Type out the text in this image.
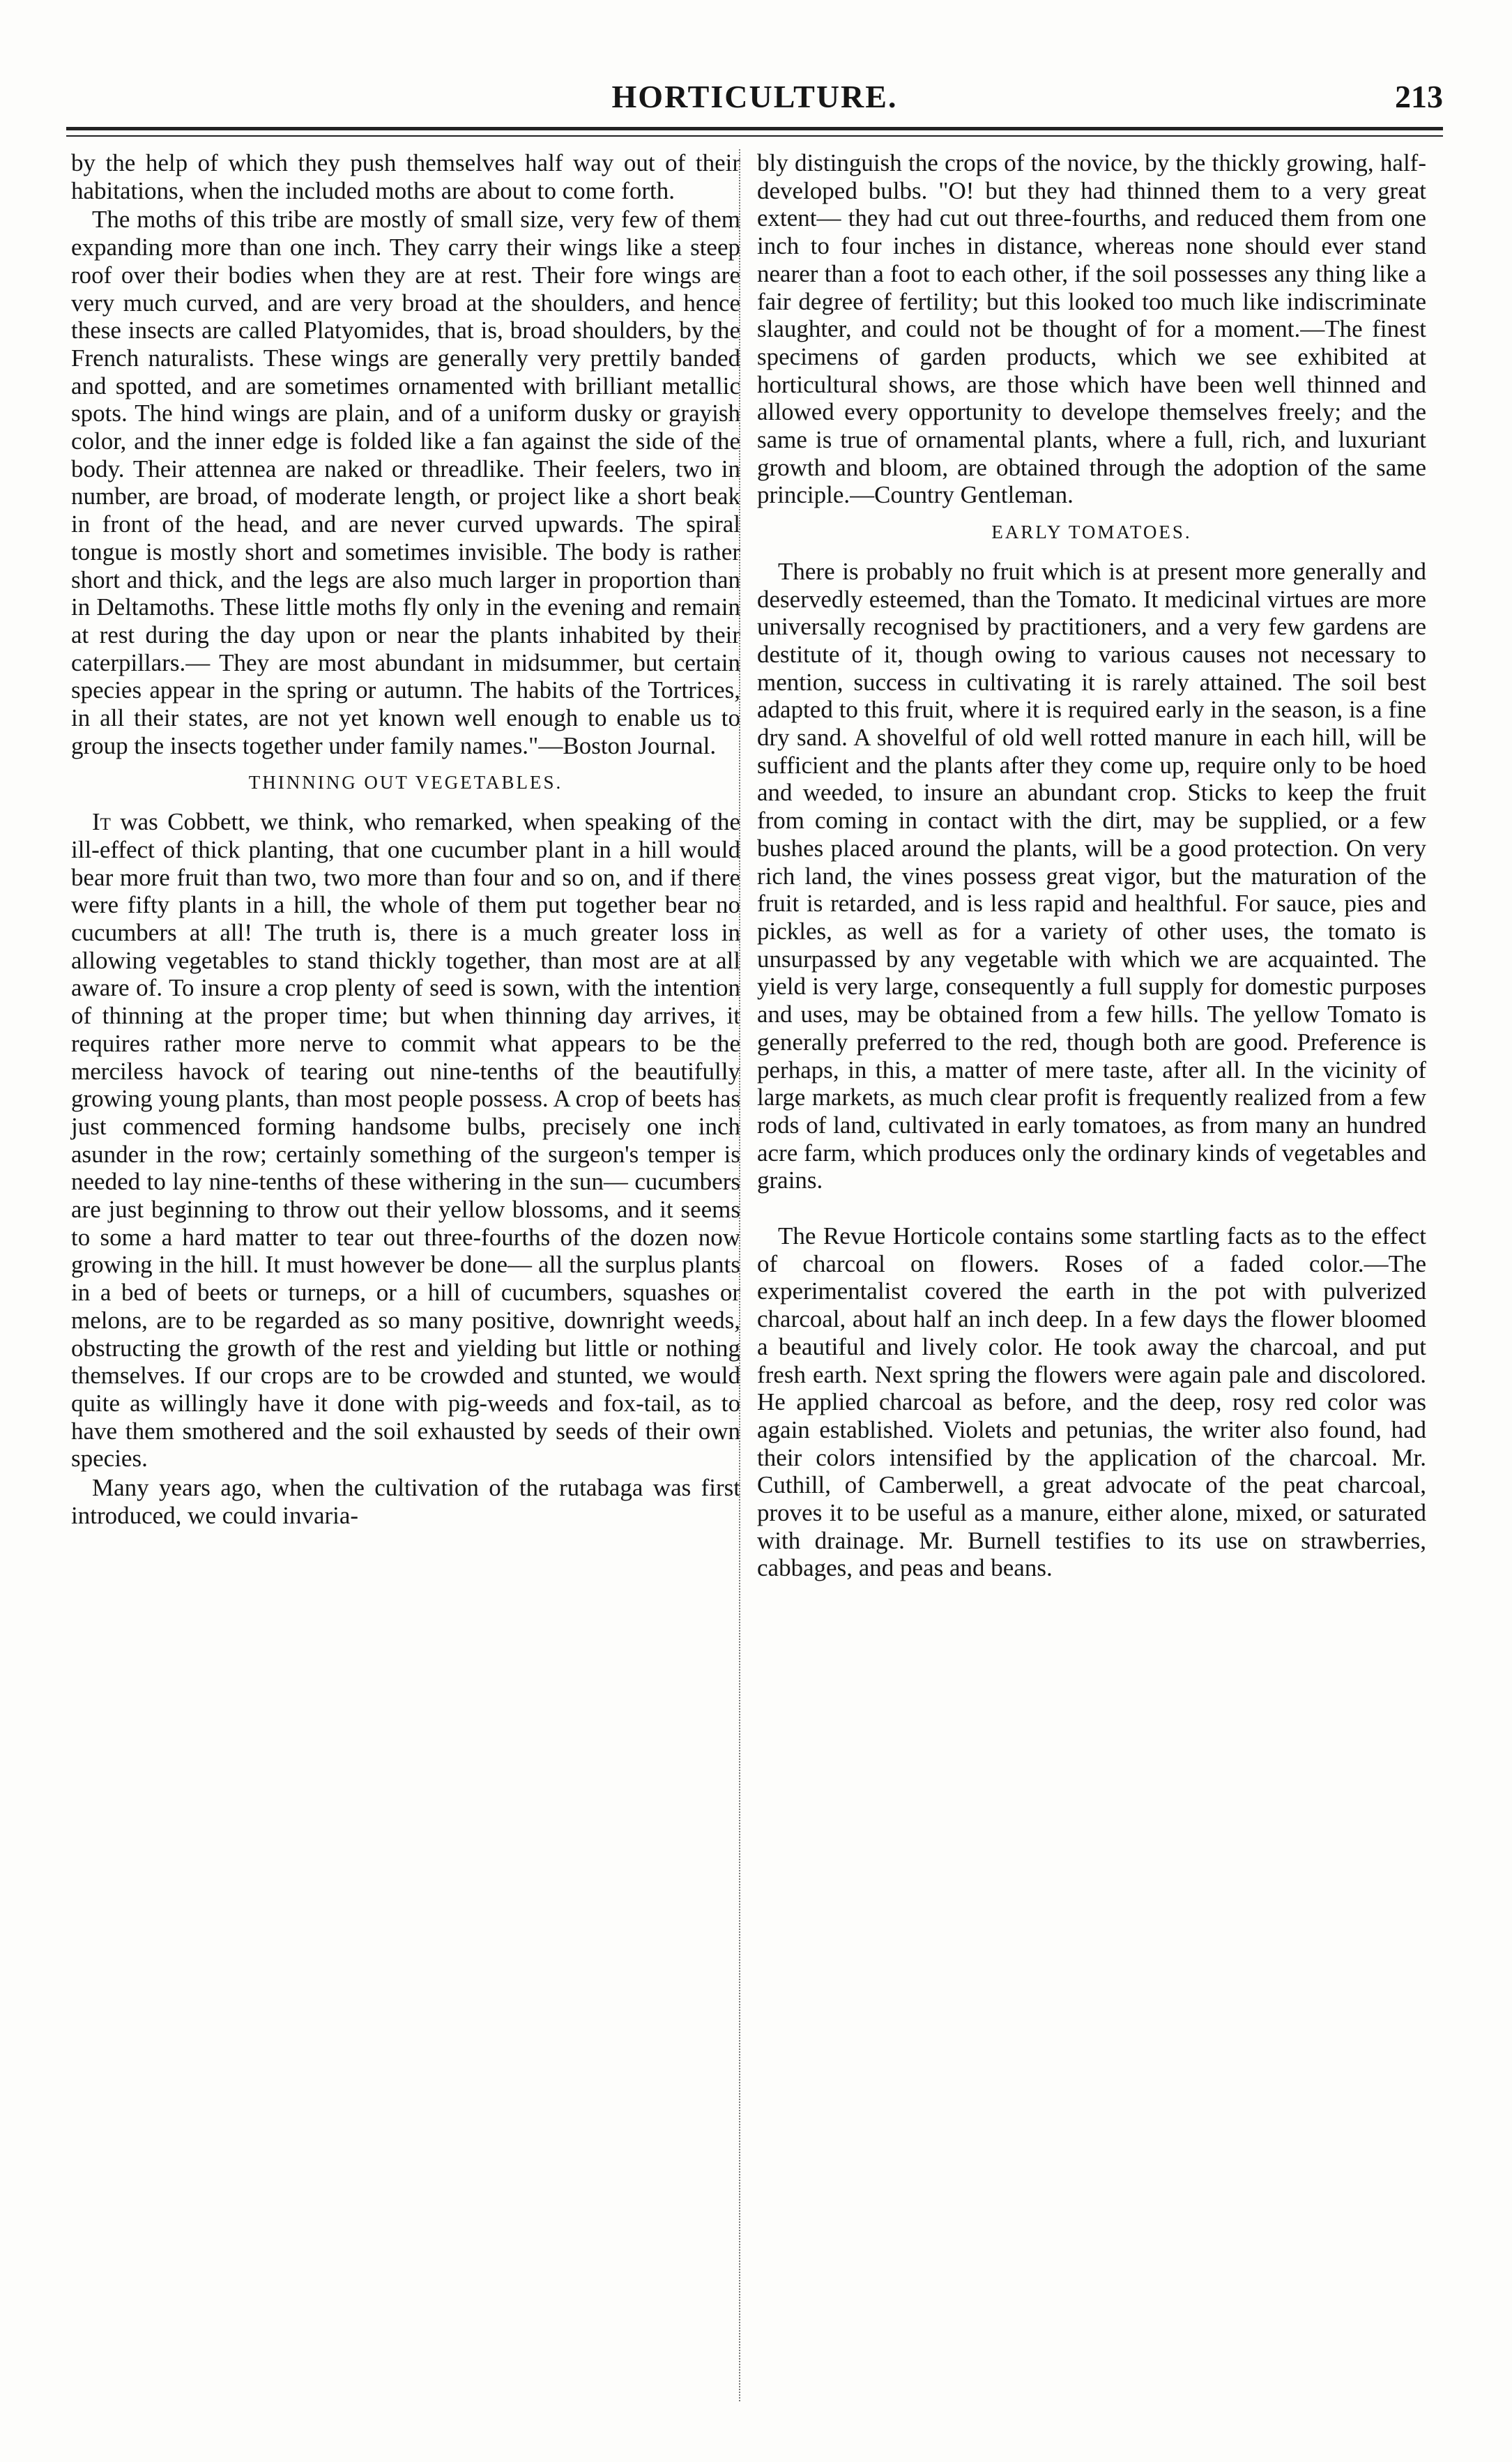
HORTICULTURE.	213

by the help of which they push themselves half way out of their habitations, when the included moths are about to come forth.

The moths of this tribe are mostly of small size, very few of them expanding more than one inch. They carry their wings like a steep roof over their bodies when they are at rest. Their fore wings are very much curved, and are very broad at the shoulders, and hence these insects are called Platyomides, that is, broad shoulders, by the French naturalists. These wings are generally very prettily banded and spotted, and are sometimes ornamented with brilliant metallic spots. The hind wings are plain, and of a uniform dusky or grayish color, and the inner edge is folded like a fan against the side of the body. Their attennea are naked or threadlike. Their feelers, two in number, are broad, of moderate length, or project like a short beak in front of the head, and are never curved upwards. The spiral tongue is mostly short and sometimes invisible. The body is rather short and thick, and the legs are also much larger in proportion than in Deltamoths. These little moths fly only in the evening and remain at rest during the day upon or near the plants inhabited by their caterpillars.— They are most abundant in midsummer, but certain species appear in the spring or autumn. The habits of the Tortrices, in all their states, are not yet known well enough to enable us to group the insects together under family names."—Boston Journal.

THINNING OUT VEGETABLES.

It was Cobbett, we think, who remarked, when speaking of the ill-effect of thick planting, that one cucumber plant in a hill would bear more fruit than two, two more than four and so on, and if there were fifty plants in a hill, the whole of them put together bear no cucumbers at all! The truth is, there is a much greater loss in allowing vegetables to stand thickly together, than most are at all aware of. To insure a crop plenty of seed is sown, with the intention of thinning at the proper time; but when thinning day arrives, it requires rather more nerve to commit what appears to be the merciless havock of tearing out nine-tenths of the beautifully growing young plants, than most people possess. A crop of beets has just commenced forming handsome bulbs, precisely one inch asunder in the row; certainly something of the surgeon's temper is needed to lay nine-tenths of these withering in the sun— cucumbers are just beginning to throw out their yellow blossoms, and it seems to some a hard matter to tear out three-fourths of the dozen now growing in the hill. It must however be done— all the surplus plants in a bed of beets or turneps, or a hill of cucumbers, squashes or melons, are to be regarded as so many positive, downright weeds, obstructing the growth of the rest and yielding but little or nothing themselves. If our crops are to be crowded and stunted, we would quite as willingly have it done with pig-weeds and fox-tail, as to have them smothered and the soil exhausted by seeds of their own species.

Many years ago, when the cultivation of the rutabaga was first introduced, we could invaria-

bly distinguish the crops of the novice, by the thickly growing, half-developed bulbs. "O! but they had thinned them to a very great extent— they had cut out three-fourths, and reduced them from one inch to four inches in distance, whereas none should ever stand nearer than a foot to each other, if the soil possesses any thing like a fair degree of fertility; but this looked too much like indiscriminate slaughter, and could not be thought of for a moment.—The finest specimens of garden products, which we see exhibited at horticultural shows, are those which have been well thinned and allowed every opportunity to develope themselves freely; and the same is true of ornamental plants, where a full, rich, and luxuriant growth and bloom, are obtained through the adoption of the same principle.—Country Gentleman.

EARLY TOMATOES.

There is probably no fruit which is at present more generally and deservedly esteemed, than the Tomato. It medicinal virtues are more universally recognised by practitioners, and a very few gardens are destitute of it, though owing to various causes not necessary to mention, success in cultivating it is rarely attained. The soil best adapted to this fruit, where it is required early in the season, is a fine dry sand. A shovelful of old well rotted manure in each hill, will be sufficient and the plants after they come up, require only to be hoed and weeded, to insure an abundant crop. Sticks to keep the fruit from coming in contact with the dirt, may be supplied, or a few bushes placed around the plants, will be a good protection. On very rich land, the vines possess great vigor, but the maturation of the fruit is retarded, and is less rapid and healthful. For sauce, pies and pickles, as well as for a variety of other uses, the tomato is unsurpassed by any vegetable with which we are acquainted. The yield is very large, consequently a full supply for domestic purposes and uses, may be obtained from a few hills. The yellow Tomato is generally preferred to the red, though both are good. Preference is perhaps, in this, a matter of mere taste, after all. In the vicinity of large markets, as much clear profit is frequently realized from a few rods of land, cultivated in early tomatoes, as from many an hundred acre farm, which produces only the ordinary kinds of vegetables and grains.

The Revue Horticole contains some startling facts as to the effect of charcoal on flowers. Roses of a faded color.—The experimentalist covered the earth in the pot with pulverized charcoal, about half an inch deep. In a few days the flower bloomed a beautiful and lively color. He took away the charcoal, and put fresh earth. Next spring the flowers were again pale and discolored. He applied charcoal as before, and the deep, rosy red color was again established. Violets and petunias, the writer also found, had their colors intensified by the application of the charcoal. Mr. Cuthill, of Camberwell, a great advocate of the peat charcoal, proves it to be useful as a manure, either alone, mixed, or saturated with drainage. Mr. Burnell testifies to its use on strawberries, cabbages, and peas and beans.
